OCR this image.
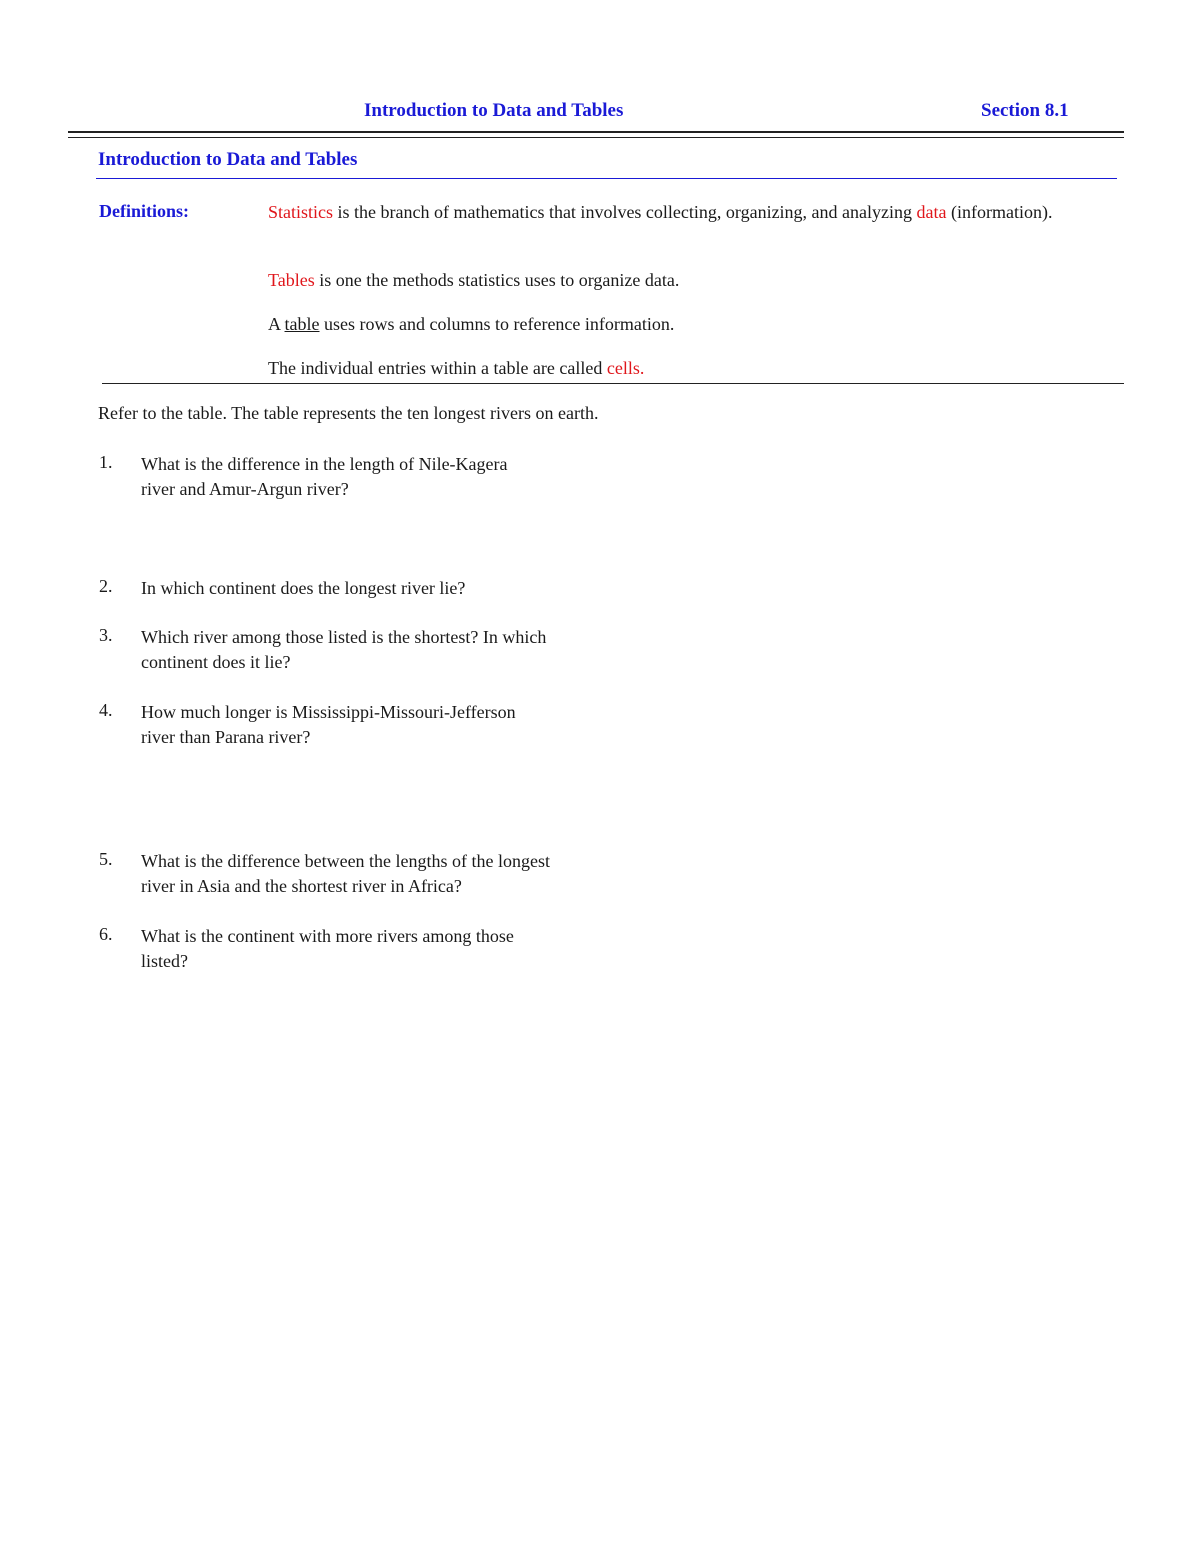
Introduction to Data and Tables	Section 8.1
Introduction to Data and Tables
Definitions:	Statistics is the branch of mathematics that involves collecting, organizing, and analyzing data (information).
Tables is one the methods statistics uses to organize data.
A table uses rows and columns to reference information.
The individual entries within a table are called cells.
Refer to the table. The table represents the ten longest rivers on earth.
1. What is the difference in the length of Nile-Kagera river and Amur-Argun river?
2. In which continent does the longest river lie?
3. Which river among those listed is the shortest? In which continent does it lie?
4. How much longer is Mississippi-Missouri-Jefferson river than Parana river?
5. What is the difference between the lengths of the longest river in Asia and the shortest river in Africa?
6. What is the continent with more rivers among those listed?
